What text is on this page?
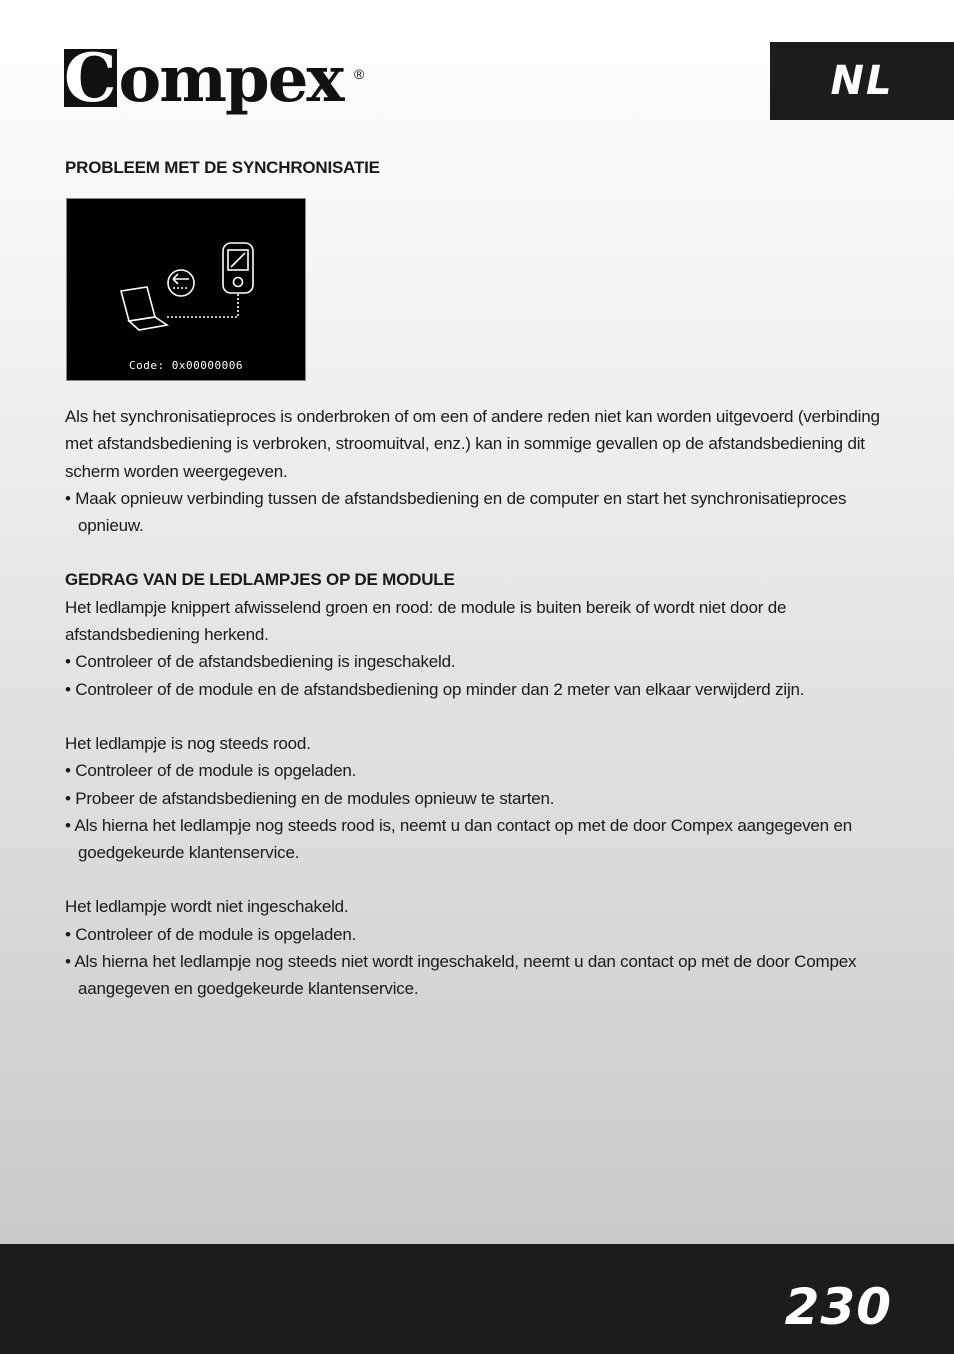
Compex ®	NL

PROBLEEM MET DE SYNCHRONISATIE

Code: 0x00000006

Als het synchronisatieproces is onderbroken of om een of andere reden niet kan worden uitgevoerd (verbinding met afstandsbediening is verbroken, stroomuitval, enz.) kan in sommige gevallen op de afstandsbediening dit scherm worden weergegeven.

• Maak opnieuw verbinding tussen de afstandsbediening en de computer en start het synchronisatieproces opnieuw.

GEDRAG VAN DE LEDLAMPJES OP DE MODULE

Het ledlampje knippert afwisselend groen en rood: de module is buiten bereik of wordt niet door de afstandsbediening herkend.

• Controleer of de afstandsbediening is ingeschakeld.

• Controleer of de module en de afstandsbediening op minder dan 2 meter van elkaar verwijderd zijn.

Het ledlampje is nog steeds rood.

• Controleer of de module is opgeladen.

• Probeer de afstandsbediening en de modules opnieuw te starten.

• Als hierna het ledlampje nog steeds rood is, neemt u dan contact op met de door Compex aangegeven en goedgekeurde klantenservice.

Het ledlampje wordt niet ingeschakeld.

• Controleer of de module is opgeladen.

• Als hierna het ledlampje nog steeds niet wordt ingeschakeld, neemt u dan contact op met de door Compex aangegeven en goedgekeurde klantenservice.

230
